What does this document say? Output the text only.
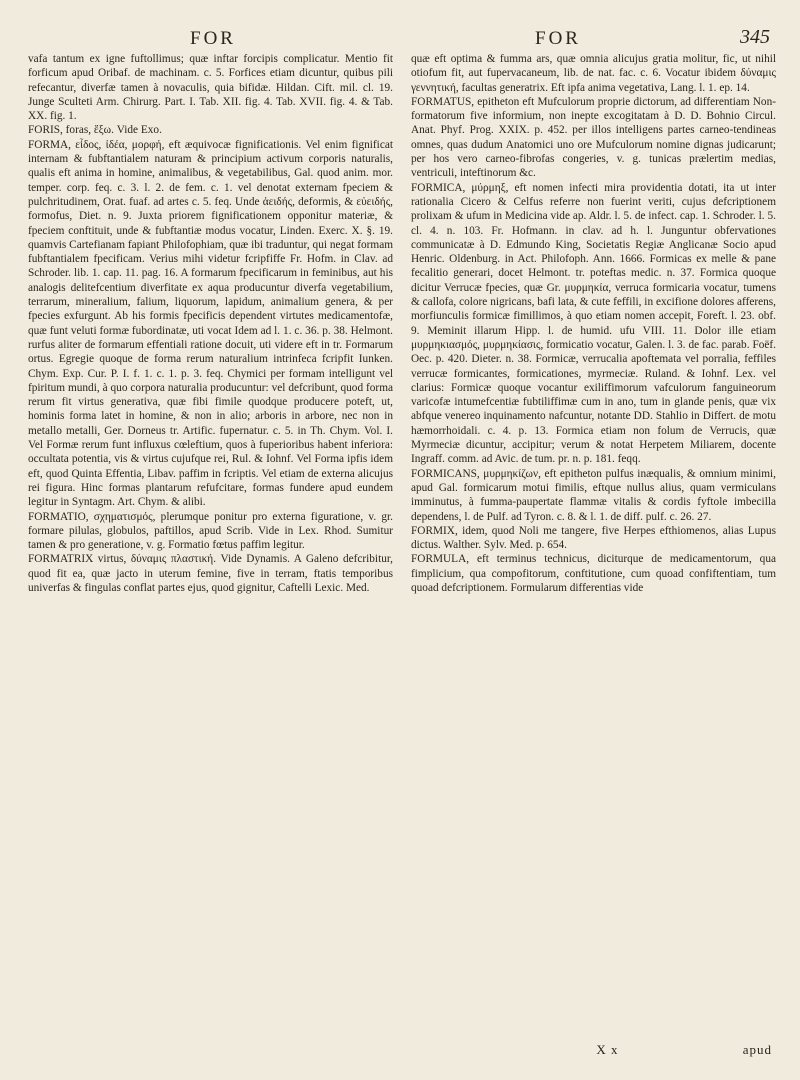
FOR	FOR	345

vafa tantum ex igne fuftollimus; quæ inftar forcipis complicatur. Mentio fit forficum apud Oribaf. de machinam. c. 5. Forfices etiam dicuntur, quibus pili refecantur, diverfæ tamen à novaculis, quia bifidæ. Hildan. Cift. mil. cl. 19. Junge Sculteti Arm. Chirurg. Part. I. Tab. XII. fig. 4. Tab. XVII. fig. 4. & Tab. XX. fig. 1.

FORIS, foras, ἔξω. Vide Exo.

FORMA, εἶδος, ἰδέα, μορφή, eft æquivocæ fignificationis. Vel enim fignificat internam & fubftantialem naturam & principium activum corporis naturalis, qualis eft anima in homine, animalibus, & vegetabilibus, Gal. quod anim. mor. temper. corp. feq. c. 3. l. 2. de fem. c. 1. vel denotat externam fpeciem & pulchritudinem, Orat. fuaf. ad artes c. 5. feq. Unde ἀειδής, deformis, & εὐειδής, formofus, Diet. n. 9. Juxta priorem fignificationem opponitur materiæ, & fpeciem conftituit, unde & fubftantiæ modus vocatur, Linden. Exerc. X. §. 19. quamvis Cartefianam fapiant Philofophiam, quæ ibi traduntur, qui negat formam fubftantialem fpecificam. Verius mihi videtur fcripfiffe Fr. Hofm. in Clav. ad Schroder. lib. 1. cap. 11. pag. 16. A formarum fpecificarum in feminibus, aut his analogis delitefcentium diverfitate ex aqua producuntur diverfa vegetabilium, terrarum, mineralium, falium, liquorum, lapidum, animalium genera, & per fpecies exfurgunt. Ab his formis fpecificis dependent virtutes medicamentofæ, quæ funt veluti formæ fubordinatæ, uti vocat Idem ad l. 1. c. 36. p. 38. Helmont. rurfus aliter de formarum effentiali ratione docuit, uti videre eft in tr. Formarum ortus. Egregie quoque de forma rerum naturalium intrinfeca fcripfit Iunken. Chym. Exp. Cur. P. I. f. 1. c. 1. p. 3. feq. Chymici per formam intelligunt vel fpiritum mundi, à quo corpora naturalia producuntur: vel defcribunt, quod forma rerum fit virtus generativa, quæ fibi fimile quodque producere poteft, ut, hominis forma latet in homine, & non in alio; arboris in arbore, nec non in metallo metalli, Ger. Dorneus tr. Artific. fupernatur. c. 5. in Th. Chym. Vol. I. Vel Formæ rerum funt influxus cœleftium, quos à fuperioribus habent inferiora: occultata potentia, vis & virtus cujufque rei, Rul. & Iohnf. Vel Forma ipfis idem eft, quod Quinta Effentia, Libav. paffim in fcriptis. Vel etiam de externa alicujus rei figura. Hinc formas plantarum refufcitare, formas fundere apud eundem legitur in Syntagm. Art. Chym. & alibi.

FORMATIO, σχηματισμός, plerumque ponitur pro externa figuratione, v. gr. formare pilulas, globulos, paftillos, apud Scrib. Vide in Lex. Rhod. Sumitur tamen & pro generatione, v. g. Formatio fœtus paffim legitur.

FORMATRIX virtus, δύναμις πλαστική. Vide Dynamis. A Galeno defcribitur, quod fit ea, quæ jacto in uterum femine, five in terram, ftatis temporibus univerfas & fingulas conflat partes ejus, quod gignitur, Caftelli Lexic. Med.

quæ eft optima & fumma ars, quæ omnia alicujus gratia molitur, fic, ut nihil otiofum fit, aut fupervacaneum, lib. de nat. fac. c. 6. Vocatur ibidem δύναμις γεννητική, facultas generatrix. Eft ipfa anima vegetativa, Lang. l. 1. ep. 14.

FORMATUS, epitheton eft Mufculorum proprie dictorum, ad differentiam Non-formatorum five informium, non inepte excogitatam à D. D. Bohnio Circul. Anat. Phyf. Prog. XXIX. p. 452. per illos intelligens partes carneo-tendineas omnes, quas dudum Anatomici uno ore Mufculorum nomine dignas judicarunt; per hos vero carneo-fibrofas congeries, v. g. tunicas prælertim medias, ventriculi, inteftinorum &c.

FORMICA, μύρμηξ, eft nomen infecti mira providentia dotati, ita ut inter rationalia Cicero & Celfus referre non fuerint veriti, cujus defcriptionem prolixam & ufum in Medicina vide ap. Aldr. l. 5. de infect. cap. 1. Schroder. l. 5. cl. 4. n. 103. Fr. Hofmann. in clav. ad h. l. Junguntur obfervationes communicatæ à D. Edmundo King, Societatis Regiæ Anglicanæ Socio apud Henric. Oldenburg. in Act. Philofoph. Ann. 1666. Formicas ex melle & pane fecalitio generari, docet Helmont. tr. poteftas medic. n. 37. Formica quoque dicitur Verrucæ fpecies, quæ Gr. μυρμηκία, verruca formicaria vocatur, tumens & callofa, colore nigricans, bafi lata, & cute feffili, in excifione dolores afferens, morfiunculis formicæ fimillimos, à quo etiam nomen accepit, Foreft. l. 23. obf. 9. Meminit illarum Hipp. l. de humid. ufu VIII. 11. Dolor ille etiam μυρμηκιασμός, μυρμηκίασις, formicatio vocatur, Galen. l. 3. de fac. parab. Foëf. Oec. p. 420. Dieter. n. 38. Formicæ, verrucalia apoftemata vel porralia, feffiles verrucæ formicantes, formicationes, myrmeciæ. Ruland. & Iohnf. Lex. vel clarius: Formicæ quoque vocantur exiliffimorum vafculorum fanguineorum varicofæ intumefcentiæ fubtiliffimæ cum in ano, tum in glande penis, quæ vix abfque venereo inquinamento nafcuntur, notante DD. Stahlio in Differt. de motu hæmorrhoidali. c. 4. p. 13. Formica etiam non folum de Verrucis, quæ Myrmeciæ dicuntur, accipitur; verum & notat Herpetem Miliarem, docente Ingraff. comm. ad Avic. de tum. pr. n. p. 181. feqq.

FORMICANS, μυρμηκίζων, eft epitheton pulfus inæqualis, & omnium minimi, apud Gal. formicarum motui fimilis, eftque nullus alius, quam vermiculans imminutus, à fumma-paupertate flammæ vitalis & cordis fyftole imbecilla dependens, l. de Pulf. ad Tyron. c. 8. & l. 1. de diff. pulf. c. 26. 27.

FORMIX, idem, quod Noli me tangere, five Herpes efthiomenos, alias Lupus dictus. Walther. Sylv. Med. p. 654.

FORMULA, eft terminus technicus, diciturque de medicamentorum, qua fimplicium, qua compofitorum, conftitutione, cum quoad confiftentiam, tum quoad defcriptionem. Formularum differentias vide

X x	apud
